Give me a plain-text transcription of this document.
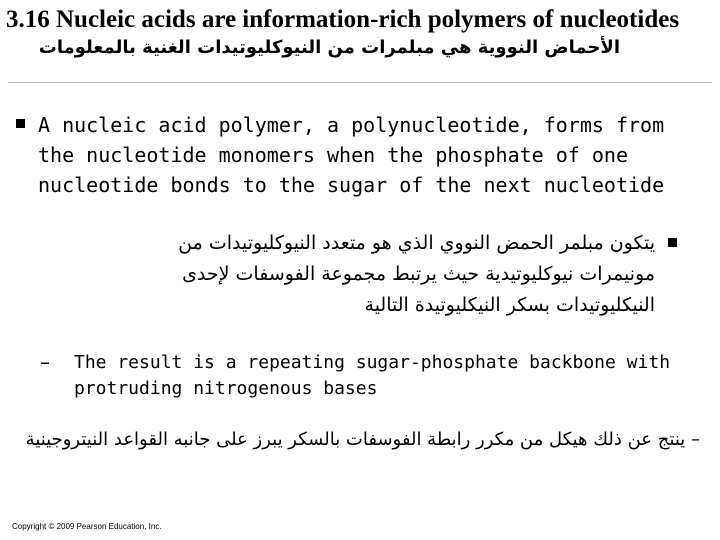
3.16 Nucleic acids are information-rich polymers of nucleotides
الأحماض النووية هي مبلمرات من النيوكليوتيدات الغنية بالمعلومات
A nucleic acid polymer, a polynucleotide, forms from the nucleotide monomers when the phosphate of one nucleotide bonds to the sugar of the next nucleotide
يتكون مبلمر الحمض النووي الذي هو متعدد النيوكليوتيدات من مونيمرات نيوكليوتيدية حيث يرتبط مجموعة الفوسفات لإحدى النيكليوتيدات بسكر النيكليوتيدة التالية
– The result is a repeating sugar-phosphate backbone with protruding nitrogenous bases
– ينتج عن ذلك هيكل من مكرر رابطة الفوسفات بالسكر يبرز على جانبه القواعد النيتروجينية
Copyright © 2009 Pearson Education, Inc.
